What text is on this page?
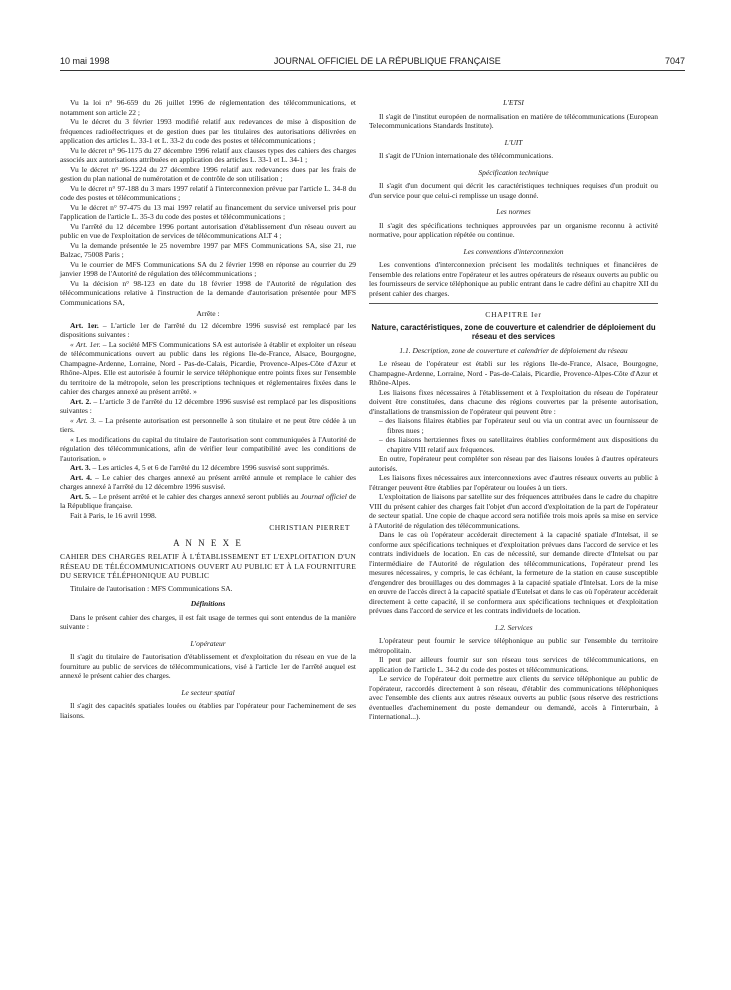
10 mai 1998	JOURNAL OFFICIEL DE LA RÉPUBLIQUE FRANÇAISE	7047

Vu la loi n° 96-659 du 26 juillet 1996 de réglementation des télécommunications, et notamment son article 22 ;

Vu le décret du 3 février 1993 modifié relatif aux redevances de mise à disposition de fréquences radioélectriques et de gestion dues par les titulaires des autorisations délivrées en application des articles L. 33-1 et L. 33-2 du code des postes et télécommunications ;

Vu le décret n° 96-1175 du 27 décembre 1996 relatif aux clauses types des cahiers des charges associés aux autorisations attribuées en application des articles L. 33-1 et L. 34-1 ;

Vu le décret n° 96-1224 du 27 décembre 1996 relatif aux redevances dues par les frais de gestion du plan national de numérotation et de contrôle de son utilisation ;

Vu le décret n° 97-188 du 3 mars 1997 relatif à l'interconnexion prévue par l'article L. 34-8 du code des postes et télécommunications ;

Vu le décret n° 97-475 du 13 mai 1997 relatif au financement du service universel pris pour l'application de l'article L. 35-3 du code des postes et télécommunications ;

Vu l'arrêté du 12 décembre 1996 portant autorisation d'établissement d'un réseau ouvert au public en vue de l'exploitation de services de télécommunications ALT 4 ;

Vu la demande présentée le 25 novembre 1997 par MFS Communications SA, sise 21, rue Balzac, 75008 Paris ;

Vu le courrier de MFS Communications SA du 2 février 1998 en réponse au courrier du 29 janvier 1998 de l'Autorité de régulation des télécommunications ;

Vu la décision n° 98-123 en date du 18 février 1998 de l'Autorité de régulation des télécommunications relative à l'instruction de la demande d'autorisation présentée pour MFS Communications SA,

Arrête :

Art. 1er. – L'article 1er de l'arrêté du 12 décembre 1996 susvisé est remplacé par les dispositions suivantes :

« Art. 1er. – La société MFS Communications SA est autorisée à établir et exploiter un réseau de télécommunications ouvert au public dans les régions Ile-de-France, Alsace, Bourgogne, Champagne-Ardenne, Lorraine, Nord - Pas-de-Calais, Picardie, Provence-Alpes-Côte d'Azur et Rhône-Alpes. Elle est autorisée à fournir le service téléphonique entre points fixes sur l'ensemble du territoire de la métropole, selon les prescriptions techniques et réglementaires fixées dans le cahier des charges annexé au présent arrêté. »

Art. 2. – L'article 3 de l'arrêté du 12 décembre 1996 susvisé est remplacé par les dispositions suivantes :

« Art. 3. – La présente autorisation est personnelle à son titulaire et ne peut être cédée à un tiers.

« Les modifications du capital du titulaire de l'autorisation sont communiquées à l'Autorité de régulation des télécommunications, afin de vérifier leur compatibilité avec les conditions de l'autorisation. »

Art. 3. – Les articles 4, 5 et 6 de l'arrêté du 12 décembre 1996 susvisé sont supprimés.

Art. 4. – Le cahier des charges annexé au présent arrêté annule et remplace le cahier des charges annexé à l'arrêté du 12 décembre 1996 susvisé.

Art. 5. – Le présent arrêté et le cahier des charges annexé seront publiés au Journal officiel de la République française.

Fait à Paris, le 16 avril 1998.

CHRISTIAN PIERRET

A N N E X E

CAHIER DES CHARGES RELATIF À L'ÉTABLISSEMENT ET L'EXPLOITATION D'UN RÉSEAU DE TÉLÉCOMMUNICATIONS OUVERT AU PUBLIC ET À LA FOURNITURE DU SERVICE TÉLÉPHONIQUE AU PUBLIC

Titulaire de l'autorisation : MFS Communications SA.

Définitions

Dans le présent cahier des charges, il est fait usage de termes qui sont entendus de la manière suivante :

L'opérateur

Il s'agit du titulaire de l'autorisation d'établissement et d'exploitation du réseau en vue de la fourniture au public de services de télécommunications, visé à l'article 1er de l'arrêté auquel est annexé le présent cahier des charges.

Le secteur spatial

Il s'agit des capacités spatiales louées ou établies par l'opérateur pour l'acheminement de ses liaisons.

L'ETSI

Il s'agit de l'institut européen de normalisation en matière de télécommunications (European Telecommunications Standards Institute).

L'UIT

Il s'agit de l'Union internationale des télécommunications.

Spécification technique

Il s'agit d'un document qui décrit les caractéristiques techniques requises d'un produit ou d'un service pour que celui-ci remplisse un usage donné.

Les normes

Il s'agit des spécifications techniques approuvées par un organisme reconnu à activité normative, pour application répétée ou continue.

Les conventions d'interconnexion

Les conventions d'interconnexion précisent les modalités techniques et financières de l'ensemble des relations entre l'opérateur et les autres opérateurs de réseaux ouverts au public ou les fournisseurs de service téléphonique au public entrant dans le cadre défini au chapitre XII du présent cahier des charges.

CHAPITRE Ier

Nature, caractéristiques, zone de couverture et calendrier de déploiement du réseau et des services

1.1. Description, zone de couverture et calendrier de déploiement du réseau

Le réseau de l'opérateur est établi sur les régions Ile-de-France, Alsace, Bourgogne, Champagne-Ardenne, Lorraine, Nord - Pas-de-Calais, Picardie, Provence-Alpes-Côte d'Azur et Rhône-Alpes.

Les liaisons fixes nécessaires à l'établissement et à l'exploitation du réseau de l'opérateur doivent être constituées, dans chacune des régions couvertes par la présente autorisation, d'installations de transmission de l'opérateur qui peuvent être :

– des liaisons filaires établies par l'opérateur seul ou via un contrat avec un fournisseur de fibres nues ;

– des liaisons hertziennes fixes ou satellitaires établies conformément aux dispositions du chapitre VIII relatif aux fréquences.

En outre, l'opérateur peut compléter son réseau par des liaisons louées à d'autres opérateurs autorisés.

Les liaisons fixes nécessaires aux interconnexions avec d'autres réseaux ouverts au public à l'étranger peuvent être établies par l'opérateur ou louées à un tiers.

L'exploitation de liaisons par satellite sur des fréquences attribuées dans le cadre du chapitre VIII du présent cahier des charges fait l'objet d'un accord d'exploitation de la part de l'opérateur de secteur spatial. Une copie de chaque accord sera notifiée trois mois après sa mise en service à l'Autorité de régulation des télécommunications.

Dans le cas où l'opérateur accéderait directement à la capacité spatiale d'Intelsat, il se conforme aux spécifications techniques et d'exploitation prévues dans l'accord de service et les contrats individuels de location. En cas de nécessité, sur demande directe d'Intelsat ou par l'intermédiaire de l'Autorité de régulation des télécommunications, l'opérateur prend les mesures nécessaires, y compris, le cas échéant, la fermeture de la station en cause susceptible d'engendrer des brouillages ou des dommages à la capacité spatiale d'Intelsat. Lors de la mise en œuvre de l'accès direct à la capacité spatiale d'Eutelsat et dans le cas où l'opérateur accéderait directement à cette capacité, il se conformera aux spécifications techniques et d'exploitation prévues dans l'accord de service et les contrats individuels de location.

1.2. Services

L'opérateur peut fournir le service téléphonique au public sur l'ensemble du territoire métropolitain.

Il peut par ailleurs fournir sur son réseau tous services de télécommunications, en application de l'article L. 34-2 du code des postes et télécommunications.

Le service de l'opérateur doit permettre aux clients du service téléphonique au public de l'opérateur, raccordés directement à son réseau, d'établir des communications téléphoniques avec l'ensemble des clients aux autres réseaux ouverts au public (sous réserve des restrictions éventuelles d'acheminement du poste demandeur ou demandé, accès à l'interurbain, à l'international...).
